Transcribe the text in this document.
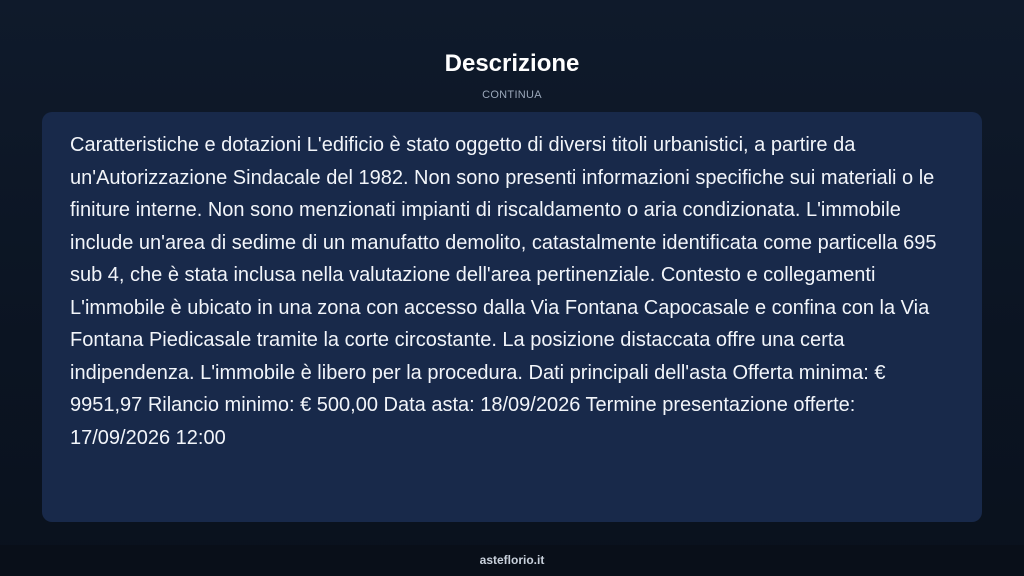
Descrizione
CONTINUA

Caratteristiche e dotazioni L'edificio è stato oggetto di diversi titoli urbanistici, a partire da un'Autorizzazione Sindacale del 1982. Non sono presenti informazioni specifiche sui materiali o le finiture interne. Non sono menzionati impianti di riscaldamento o aria condizionata. L'immobile include un'area di sedime di un manufatto demolito, catastalmente identificata come particella 695 sub 4, che è stata inclusa nella valutazione dell'area pertinenziale. Contesto e collegamenti L'immobile è ubicato in una zona con accesso dalla Via Fontana Capocasale e confina con la Via Fontana Piedicasale tramite la corte circostante. La posizione distaccata offre una certa indipendenza. L'immobile è libero per la procedura. Dati principali dell'asta Offerta minima: € 9951,97 Rilancio minimo: € 500,00 Data asta: 18/09/2026 Termine presentazione offerte: 17/09/2026 12:00

asteflorio.it
